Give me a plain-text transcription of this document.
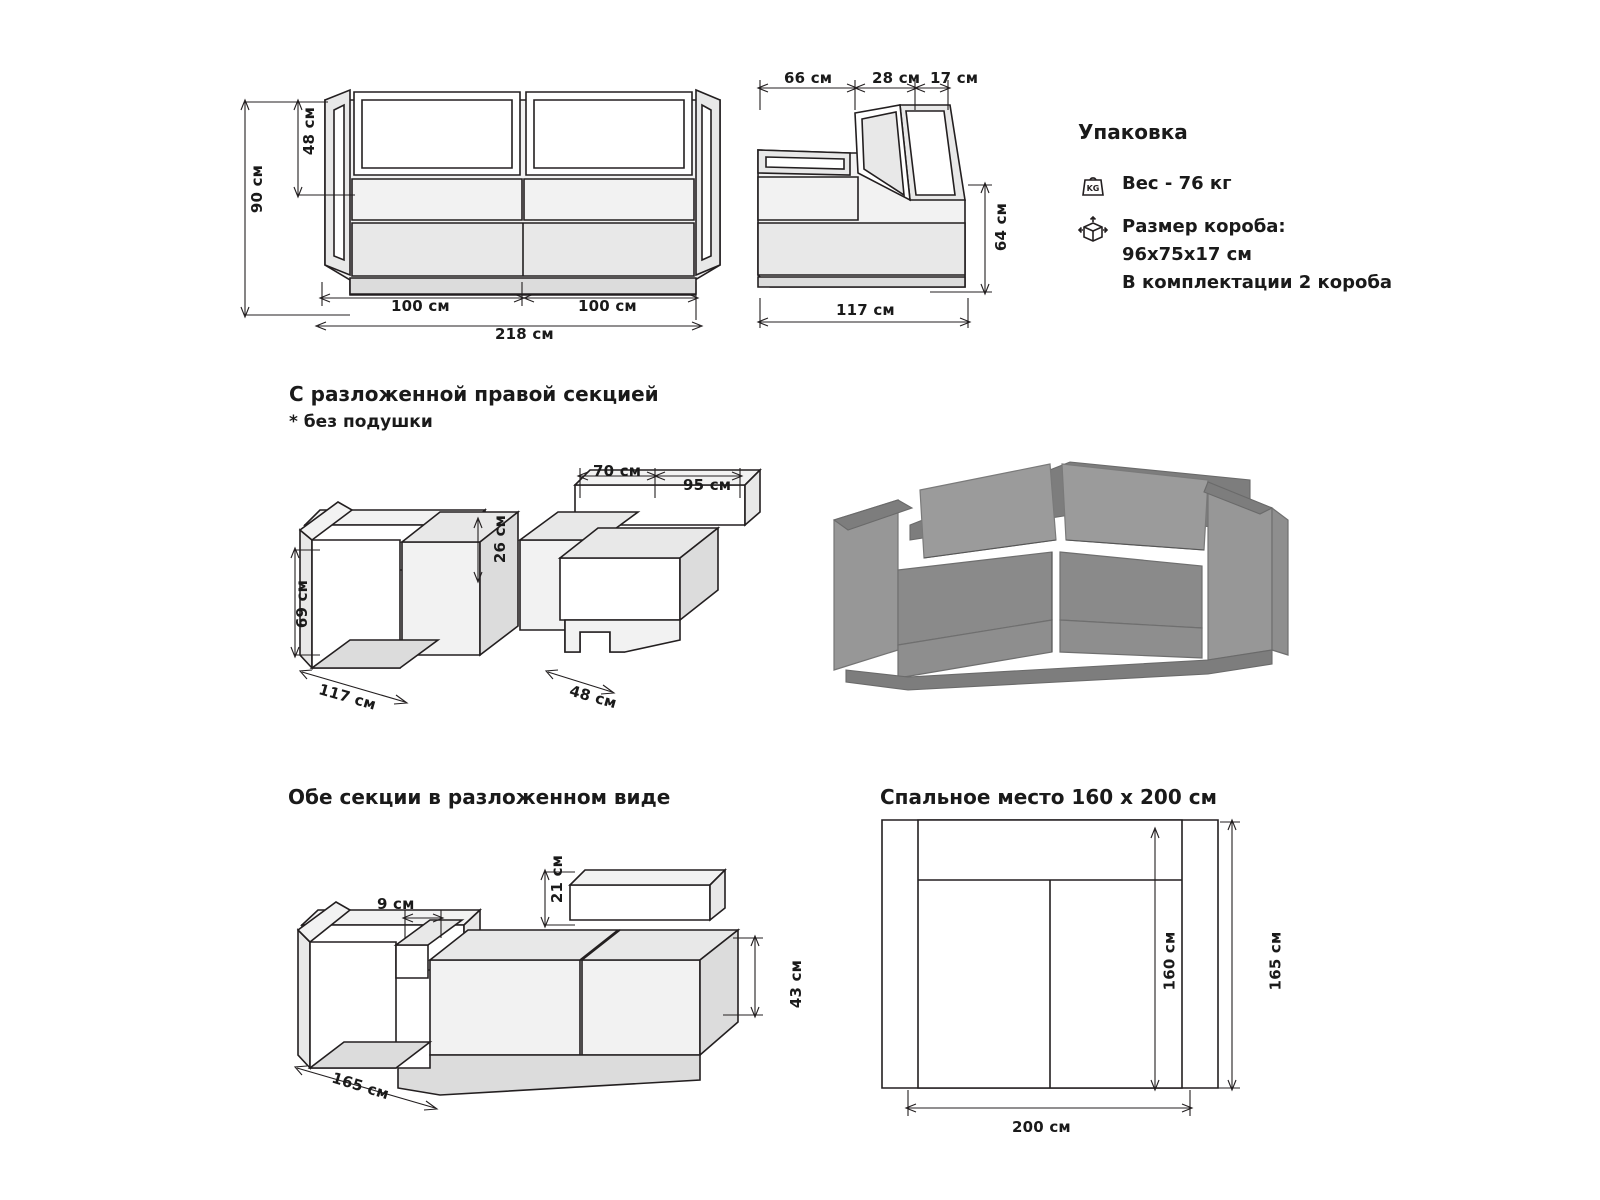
90 см
48 см
100 см	100 см
218 см
66 см	28 см 17 см
64 см
117 см
Упаковка
KG Вес - 76 кг
Размер короба:
96х75х17 см
В комплектации 2 короба
С разложенной правой секцией
* без подушки
70 см
95 см
26 см
69 см
117 см	48 см
Обе секции в разложенном виде
21 см
9 см
43 см
165 см
Спальное место 160 х 200 см
160 см	165 см
200 см
